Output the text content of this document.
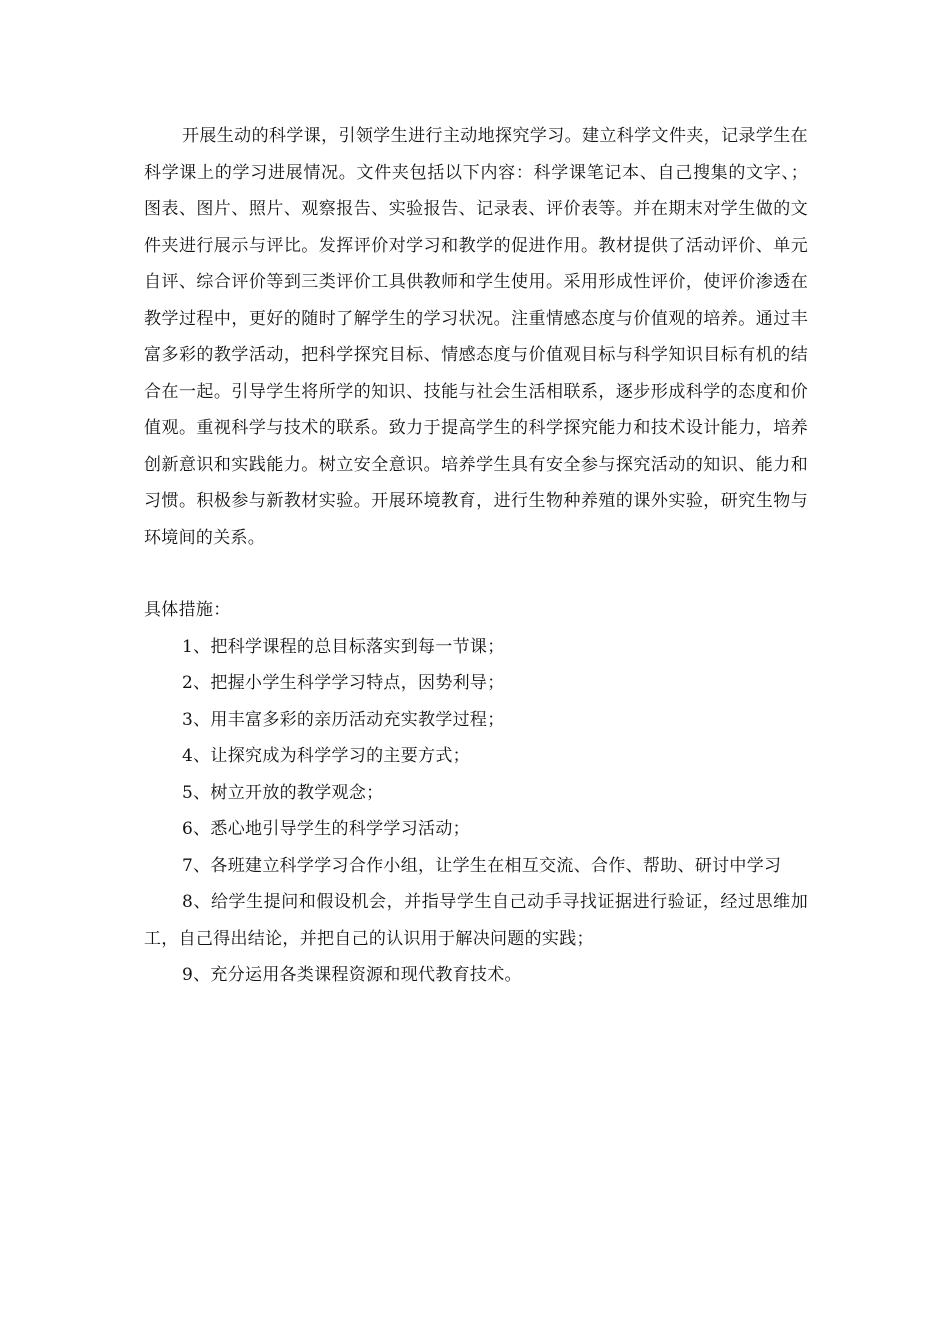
开展生动的科学课，引领学生进行主动地探究学习。建立科学文件夹，记录学生在科学课上的学习进展情况。文件夹包括以下内容：科学课笔记本、自己搜集的文字、；图表、图片、照片、观察报告、实验报告、记录表、评价表等。并在期末对学生做的文件夹进行展示与评比。发挥评价对学习和教学的促进作用。教材提供了活动评价、单元自评、综合评价等到三类评价工具供教师和学生使用。采用形成性评价，使评价渗透在教学过程中，更好的随时了解学生的学习状况。注重情感态度与价值观的培养。通过丰富多彩的教学活动，把科学探究目标、情感态度与价值观目标与科学知识目标有机的结合在一起。引导学生将所学的知识、技能与社会生活相联系，逐步形成科学的态度和价值观。重视科学与技术的联系。致力于提高学生的科学探究能力和技术设计能力，培养创新意识和实践能力。树立安全意识。培养学生具有安全参与探究活动的知识、能力和习惯。积极参与新教材实验。开展环境教育，进行生物种养殖的课外实验，研究生物与环境间的关系。

具体措施：

1、把科学课程的总目标落实到每一节课；

2、把握小学生科学学习特点，因势利导；

3、用丰富多彩的亲历活动充实教学过程；

4、让探究成为科学学习的主要方式；

5、树立开放的教学观念；

6、悉心地引导学生的科学学习活动；

7、各班建立科学学习合作小组，让学生在相互交流、合作、帮助、研讨中学习

8、给学生提问和假设机会，并指导学生自己动手寻找证据进行验证，经过思维加工，自己得出结论，并把自己的认识用于解决问题的实践；

9、充分运用各类课程资源和现代教育技术。
